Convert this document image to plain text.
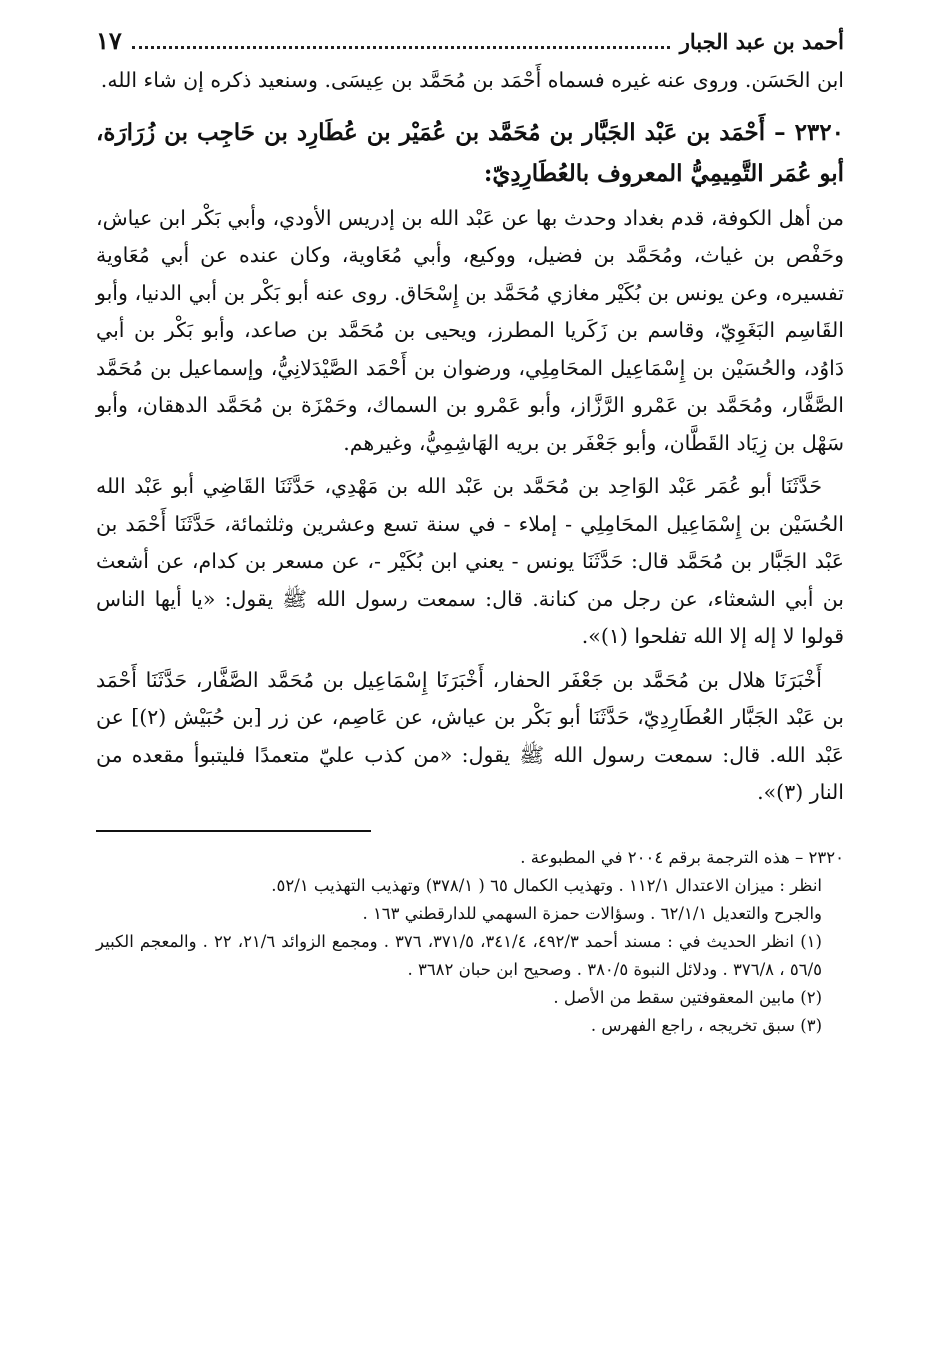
أحمد بن عبد الجبار
١٧

ابن الحَسَن. وروى عنه غيره فسماه أَحْمَد بن مُحَمَّد بن عِيسَى. وسنعيد ذكره إن شاء الله.

٢٣٢٠ – أَحْمَد بن عَبْد الجَبَّار بن مُحَمَّد بن عُمَيْر بن عُطَارِد بن حَاجِب بن زُرَارَة، أبو عُمَر التَّمِيمِيُّ المعروف بالعُطَارِدِيّ:

من أهل الكوفة، قدم بغداد وحدث بها عن عَبْد الله بن إدريس الأودي، وأبي بَكْر ابن عياش، وحَفْص بن غياث، ومُحَمَّد بن فضيل، ووكيع، وأبي مُعَاوية، وكان عنده عن أبي مُعَاوية تفسيره، وعن يونس بن بُكَيْر مغازي مُحَمَّد بن إِسْحَاق. روى عنه أبو بَكْر بن أبي الدنيا، وأبو القَاسِم البَغَوِيّ، وقاسم بن زَكَريا المطرز، ويحيى بن مُحَمَّد بن صاعد، وأبو بَكْر بن أبي دَاوُد، والحُسَيْن بن إِسْمَاعِيل المحَامِلِي، ورضوان بن أَحْمَد الصَّيْدَلانِيُّ، وإسماعيل بن مُحَمَّد الصَّفَّار، ومُحَمَّد بن عَمْرو الرَّزَّاز، وأبو عَمْرو بن السماك، وحَمْزَة بن مُحَمَّد الدهقان، وأبو سَهْل بن زِيَاد القَطَّان، وأبو جَعْفَر بن بريه الهَاشِمِيُّ، وغيرهم.

حَدَّثَنَا أبو عُمَر عَبْد الوَاحِد بن مُحَمَّد بن عَبْد الله بن مَهْدِي، حَدَّثَنَا القَاضِي أبو عَبْد الله الحُسَيْن بن إِسْمَاعِيل المحَامِلِي - إملاء - في سنة تسع وعشرين وثلثمائة، حَدَّثَنَا أَحْمَد بن عَبْد الجَبَّار بن مُحَمَّد قال: حَدَّثَنَا يونس - يعني ابن بُكَيْر -، عن مسعر بن كدام، عن أشعث بن أبي الشعثاء، عن رجل من كنانة. قال: سمعت رسول الله ﷺ يقول: «يا أيها الناس قولوا لا إله إلا الله تفلحوا (١)».

أَخْبَرَنَا هلال بن مُحَمَّد بن جَعْفَر الحفار، أَخْبَرَنَا إِسْمَاعِيل بن مُحَمَّد الصَّفَّار، حَدَّثَنَا أَحْمَد بن عَبْد الجَبَّار العُطَارِدِيّ، حَدَّثَنَا أبو بَكْر بن عياش، عن عَاصِم، عن زر [بن حُبَيْش (٢)] عن عَبْد الله. قال: سمعت رسول الله ﷺ يقول: «من كذب عليّ متعمدًا فليتبوأ مقعده من النار (٣)».

٢٣٢٠ – هذه الترجمة برقم ٢٠٠٤ في المطبوعة .

انظر : ميزان الاعتدال ١١٢/١ . وتهذيب الكمال ٦٥ ( ٣٧٨/١) وتهذيب التهذيب ٥٢/١.

والجرح والتعديل ٦٢/١/١ . وسؤالات حمزة السهمي للدارقطني ١٦٣ .

(١) انظر الحديث في : مسند أحمد ٤٩٢/٣، ٣٤١/٤، ٣٧١/٥، ٣٧٦ . ومجمع الزوائد ٢١/٦، ٢٢ . والمعجم الكبير ٥٦/٥ ، ٣٧٦/٨ . ودلائل النبوة ٣٨٠/٥ . وصحيح ابن حبان ٣٦٨٢ .

(٢) مابين المعقوفتين سقط من الأصل .

(٣) سبق تخريجه ، راجع الفهرس .
